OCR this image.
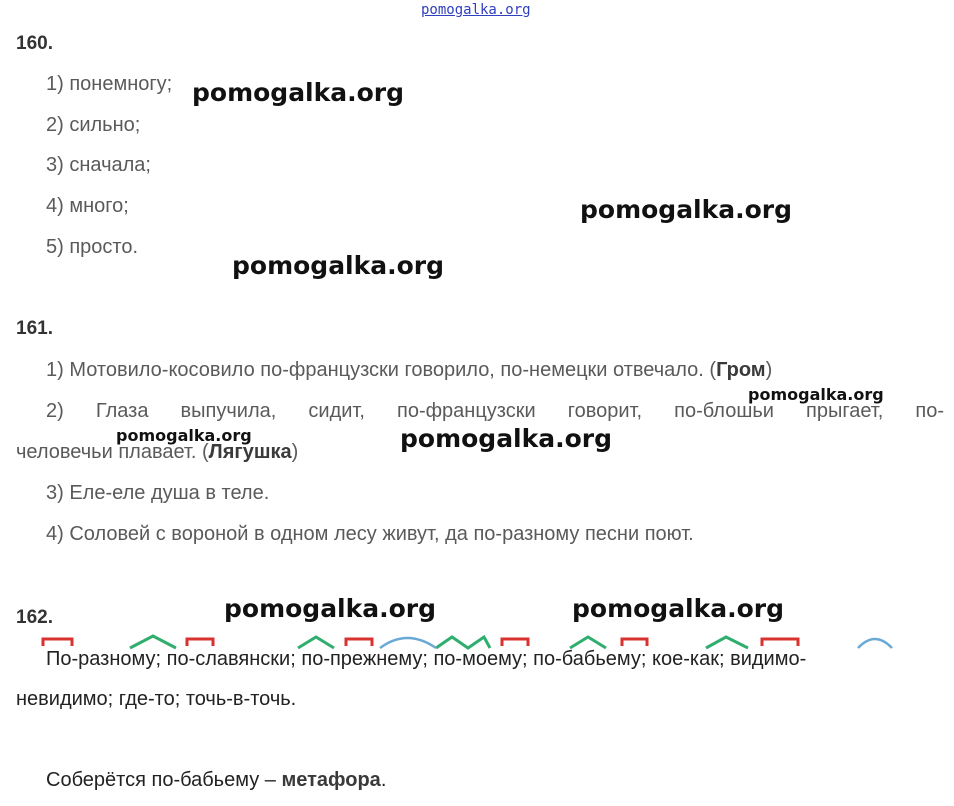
pomogalka.org
160.
1) понемногу;
2) сильно;
3) сначала;
4) много;
5) просто.
161.
1) Мотовило-косовило по-французски говорило, по-немецки отвечало. (Гром)
2) Глаза выпучила, сидит, по-французски говорит, по-блошьи прыгает, по-
человечьи плавает. (Лягушка)
3) Еле-еле душа в теле.
4) Соловей с вороной в одном лесу живут, да по-разному песни поют.
162.
По-разному; по-славянски; по-прежнему; по-моему; по-бабьему; кое-как; видимо-
невидимо; где-то; точь-в-точь.
Соберётся по-бабьему – метафора.
pomogalka.org
pomogalka.org
pomogalka.org
pomogalka.org
pomogalka.org	pomogalka.org
pomogalka.org	pomogalka.org
